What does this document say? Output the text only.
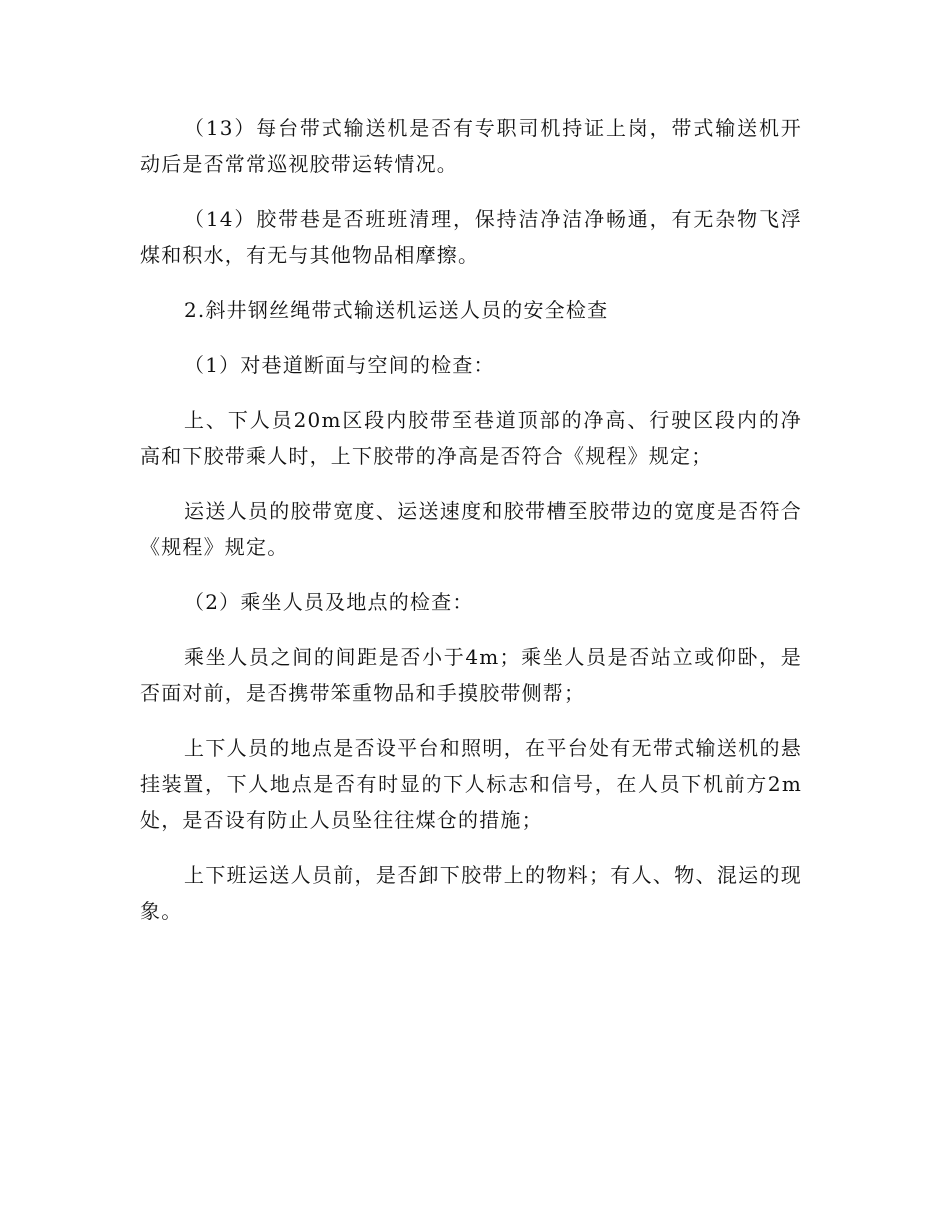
（13）每台带式输送机是否有专职司机持证上岗，带式输送机开动后是否常常巡视胶带运转情况。

（14）胶带巷是否班班清理，保持洁净洁净畅通，有无杂物飞浮煤和积水，有无与其他物品相摩擦。

2.斜井钢丝绳带式输送机运送人员的安全检查

（1）对巷道断面与空间的检查：

上、下人员20m区段内胶带至巷道顶部的净高、行驶区段内的净高和下胶带乘人时，上下胶带的净高是否符合《规程》规定；

运送人员的胶带宽度、运送速度和胶带槽至胶带边的宽度是否符合《规程》规定。

（2）乘坐人员及地点的检查：

乘坐人员之间的间距是否小于4m；乘坐人员是否站立或仰卧，是否面对前，是否携带笨重物品和手摸胶带侧帮；

上下人员的地点是否设平台和照明，在平台处有无带式输送机的悬挂装置，下人地点是否有时显的下人标志和信号，在人员下机前方2m处，是否设有防止人员坠往往煤仓的措施；

上下班运送人员前，是否卸下胶带上的物料；有人、物、混运的现象。
